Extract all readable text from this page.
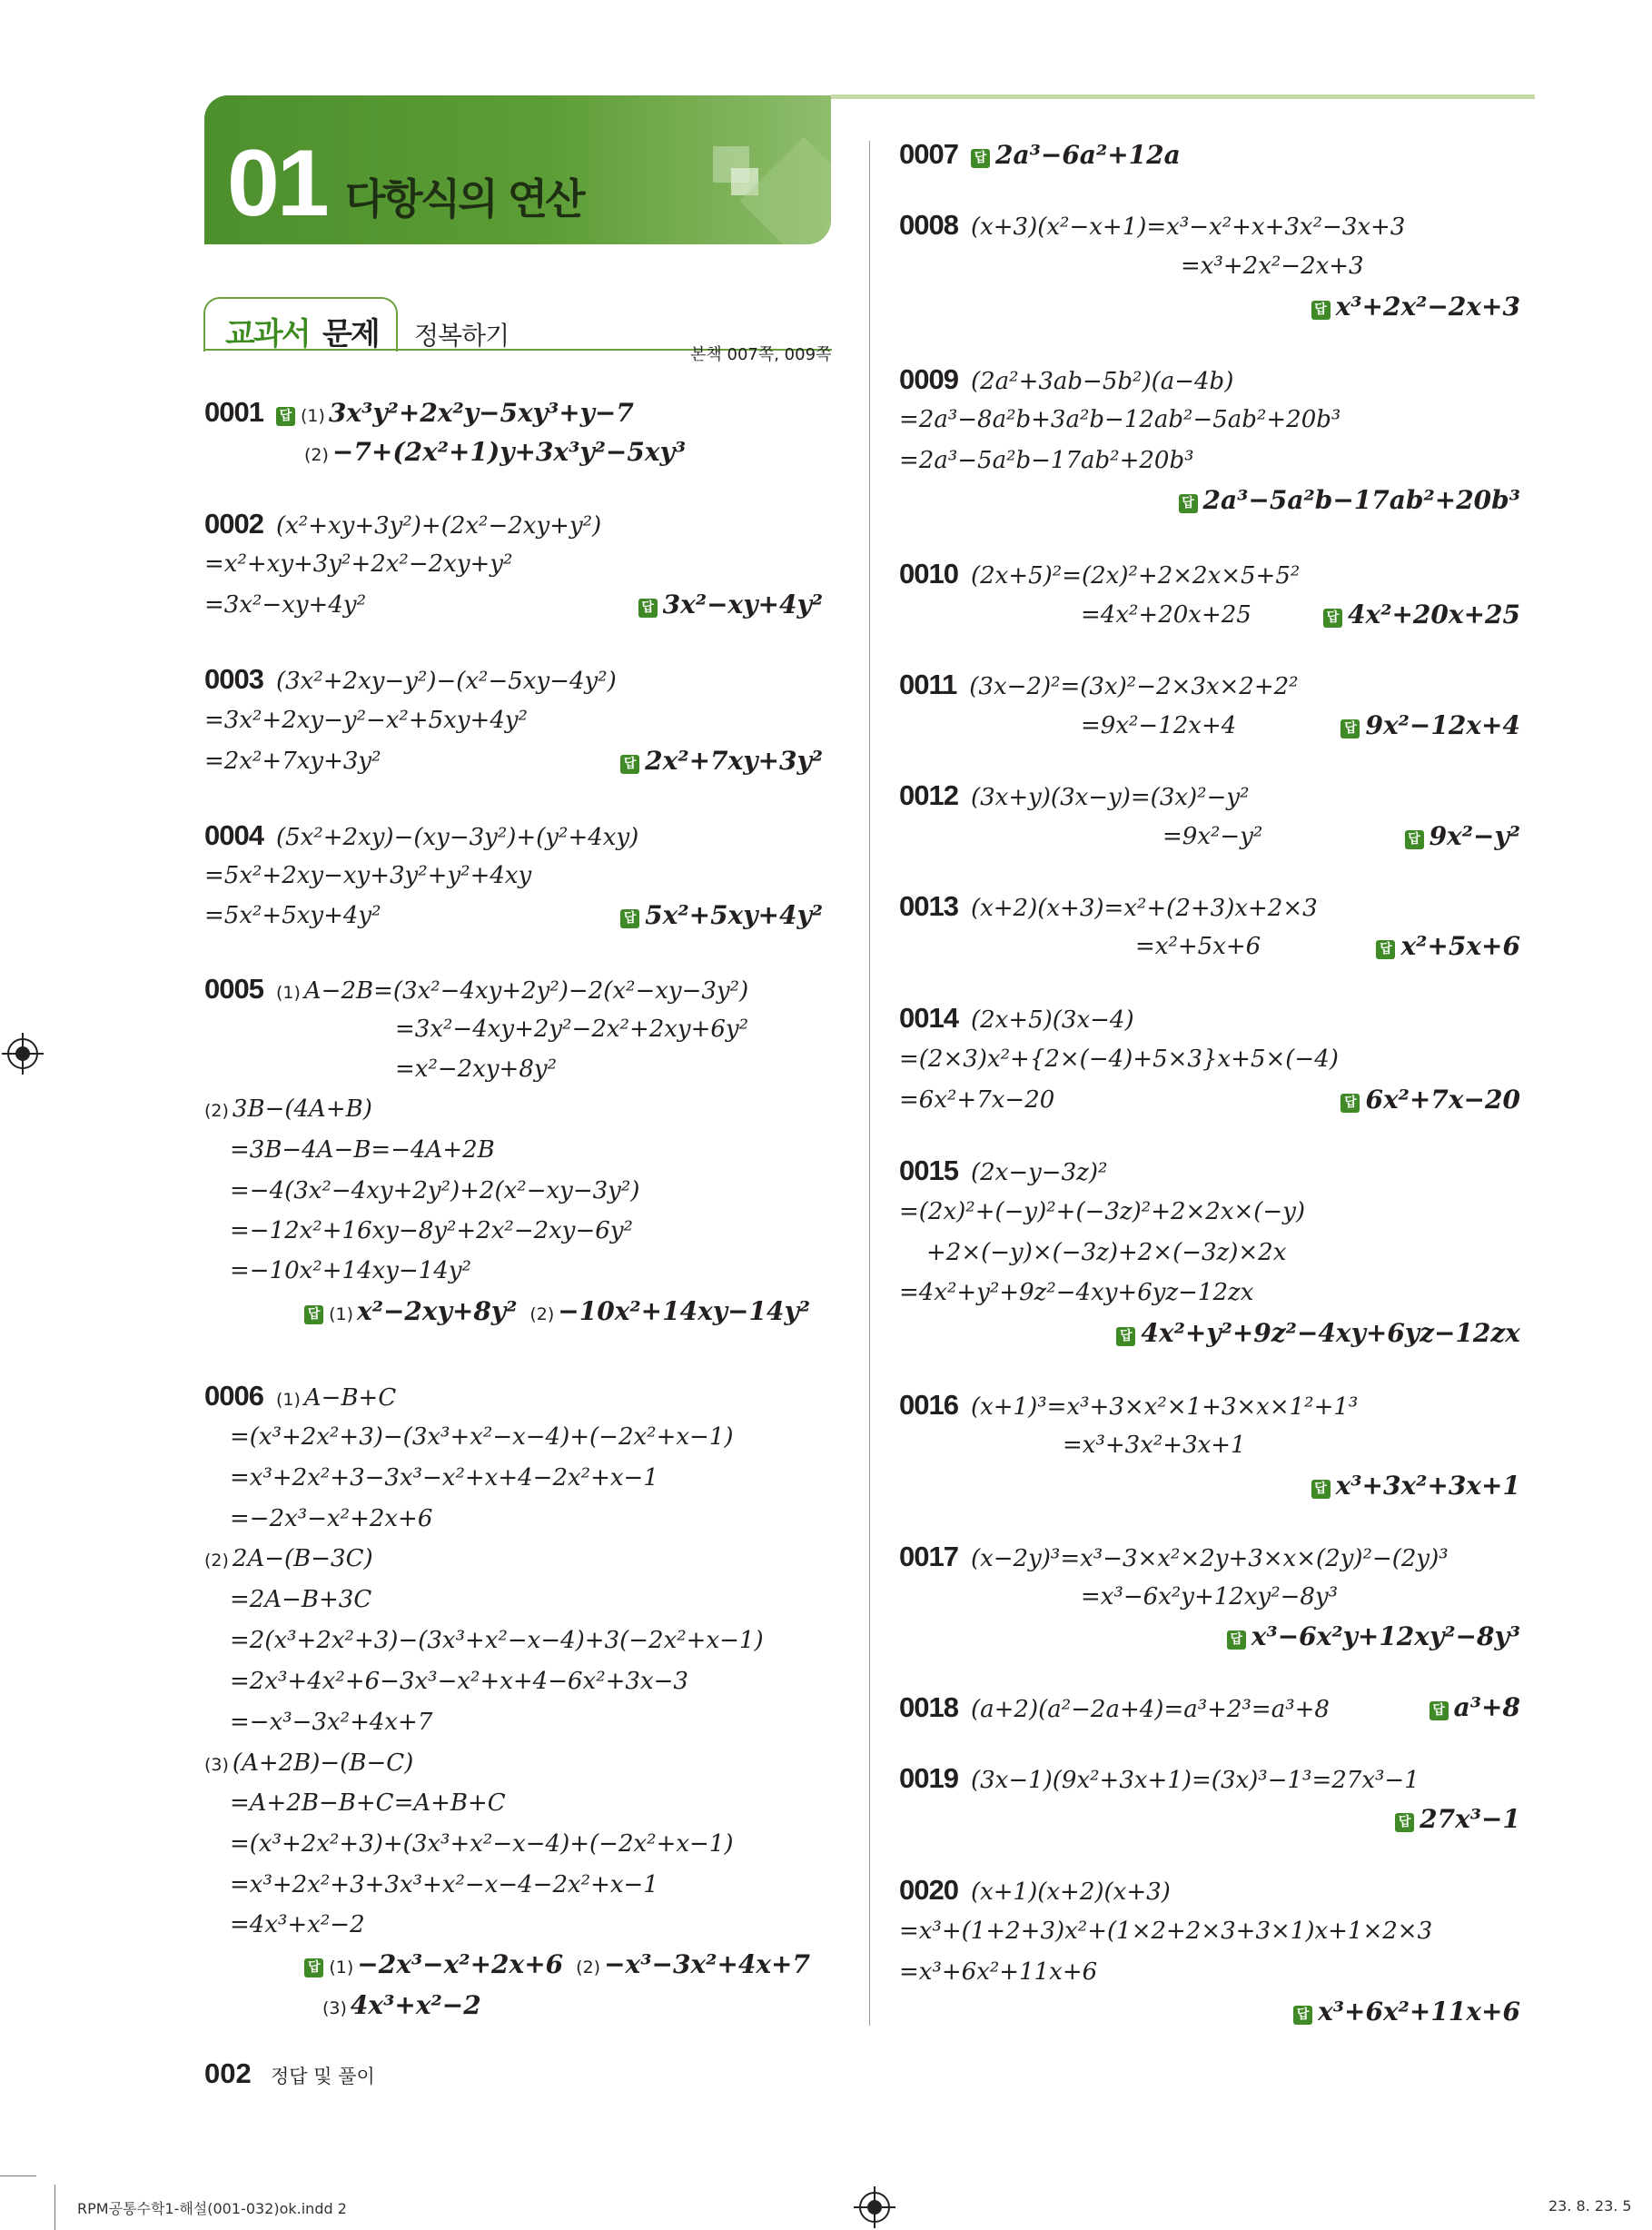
01 다항식의 연산
교과서 문제 정복하기
본책 007쪽, 009쪽
002 정답 및 풀이
RPM공통수학1-해설(001-032)ok.indd 2	23. 8. 23. 5
0001 답 (1) 3x³y²+2x²y−5xy³+y−7
(2) −7+(2x²+1)y+3x³y²−5xy³
0002 (x²+xy+3y²)+(2x²−2xy+y²)
=x²+xy+3y²+2x²−2xy+y²
=3x²−xy+4y²	답 3x²−xy+4y²
0003 (3x²+2xy−y²)−(x²−5xy−4y²)
=3x²+2xy−y²−x²+5xy+4y²
=2x²+7xy+3y²	답 2x²+7xy+3y²
0004 (5x²+2xy)−(xy−3y²)+(y²+4xy)
=5x²+2xy−xy+3y²+y²+4xy
=5x²+5xy+4y²	답 5x²+5xy+4y²
0005 (1) A−2B=(3x²−4xy+2y²)−2(x²−xy−3y²)
=3x²−4xy+2y²−2x²+2xy+6y²
=x²−2xy+8y²
(2) 3B−(4A+B)
=3B−4A−B=−4A+2B
=−4(3x²−4xy+2y²)+2(x²−xy−3y²)
=−12x²+16xy−8y²+2x²−2xy−6y²
=−10x²+14xy−14y²
답 (1) x²−2xy+8y² (2) −10x²+14xy−14y²
0006 (1) A−B+C
=(x³+2x²+3)−(3x³+x²−x−4)+(−2x²+x−1)
=x³+2x²+3−3x³−x²+x+4−2x²+x−1
=−2x³−x²+2x+6
(2) 2A−(B−3C)
=2A−B+3C
=2(x³+2x²+3)−(3x³+x²−x−4)+3(−2x²+x−1)
=2x³+4x²+6−3x³−x²+x+4−6x²+3x−3
=−x³−3x²+4x+7
(3) (A+2B)−(B−C)
=A+2B−B+C=A+B+C
=(x³+2x²+3)+(3x³+x²−x−4)+(−2x²+x−1)
=x³+2x²+3+3x³+x²−x−4−2x²+x−1
=4x³+x²−2
답 (1) −2x³−x²+2x+6 (2) −x³−3x²+4x+7
(3) 4x³+x²−2
0007 답 2a³−6a²+12a
0008 (x+3)(x²−x+1)=x³−x²+x+3x²−3x+3
=x³+2x²−2x+3
답 x³+2x²−2x+3
0009 (2a²+3ab−5b²)(a−4b)
=2a³−8a²b+3a²b−12ab²−5ab²+20b³
=2a³−5a²b−17ab²+20b³
답 2a³−5a²b−17ab²+20b³
0010 (2x+5)²=(2x)²+2×2x×5+5²
=4x²+20x+25	답 4x²+20x+25
0011 (3x−2)²=(3x)²−2×3x×2+2²
=9x²−12x+4	답 9x²−12x+4
0012 (3x+y)(3x−y)=(3x)²−y²
=9x²−y²	답 9x²−y²
0013 (x+2)(x+3)=x²+(2+3)x+2×3
=x²+5x+6	답 x²+5x+6
0014 (2x+5)(3x−4)
=(2×3)x²+{2×(−4)+5×3}x+5×(−4)
=6x²+7x−20	답 6x²+7x−20
0015 (2x−y−3z)²
=(2x)²+(−y)²+(−3z)²+2×2x×(−y)
+2×(−y)×(−3z)+2×(−3z)×2x
=4x²+y²+9z²−4xy+6yz−12zx
답 4x²+y²+9z²−4xy+6yz−12zx
0016 (x+1)³=x³+3×x²×1+3×x×1²+1³
=x³+3x²+3x+1
답 x³+3x²+3x+1
0017 (x−2y)³=x³−3×x²×2y+3×x×(2y)²−(2y)³
=x³−6x²y+12xy²−8y³
답 x³−6x²y+12xy²−8y³
0018 (a+2)(a²−2a+4)=a³+2³=a³+8	답 a³+8
0019 (3x−1)(9x²+3x+1)=(3x)³−1³=27x³−1
답 27x³−1
0020 (x+1)(x+2)(x+3)
=x³+(1+2+3)x²+(1×2+2×3+3×1)x+1×2×3
=x³+6x²+11x+6
답 x³+6x²+11x+6
